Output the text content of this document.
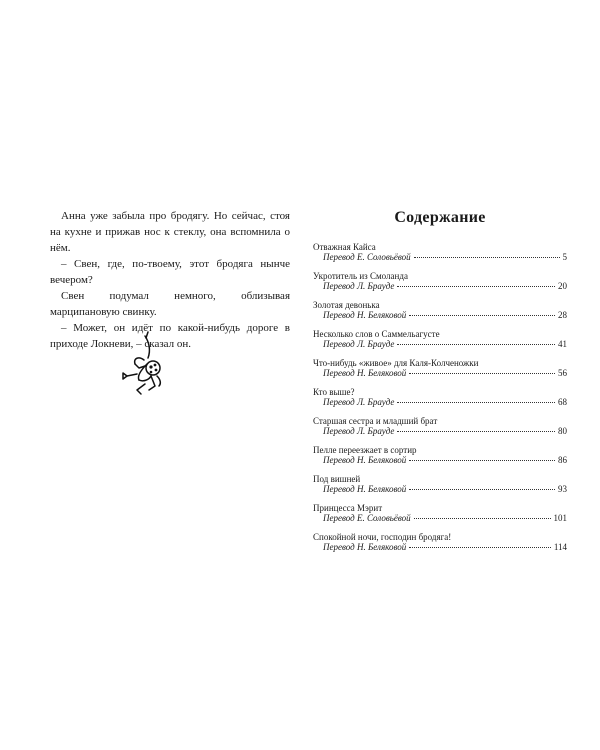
Анна уже забыла про бродягу. Но сейчас, стоя на кухне и прижав нос к стеклу, она вспомнила о нём.

– Свен, где, по-твоему, этот бродяга нынче вечером?

Свен подумал немного, облизывая марципановую свинку.

– Может, он идёт по какой-нибудь дороге в приходе Локневи, – сказал он.

Содержание
Отважная Кайса
Перевод Е. Соловьёвой	5
Укротитель из Смоланда
Перевод Л. Брауде	20
Золотая девонька
Перевод Н. Беляковой	28
Несколько слов о Саммельагусте
Перевод Л. Брауде	41
Что-нибудь «живое» для Каля-Колченожки
Перевод Н. Беляковой	56
Кто выше?
Перевод Л. Брауде	68
Старшая сестра и младший брат
Перевод Л. Брауде	80
Пелле переезжает в сортир
Перевод Н. Беляковой	86
Под вишней
Перевод Н. Беляковой	93
Принцесса Мэрит
Перевод Е. Соловьёвой	101
Спокойной ночи, господин бродяга!
Перевод Н. Беляковой	114
